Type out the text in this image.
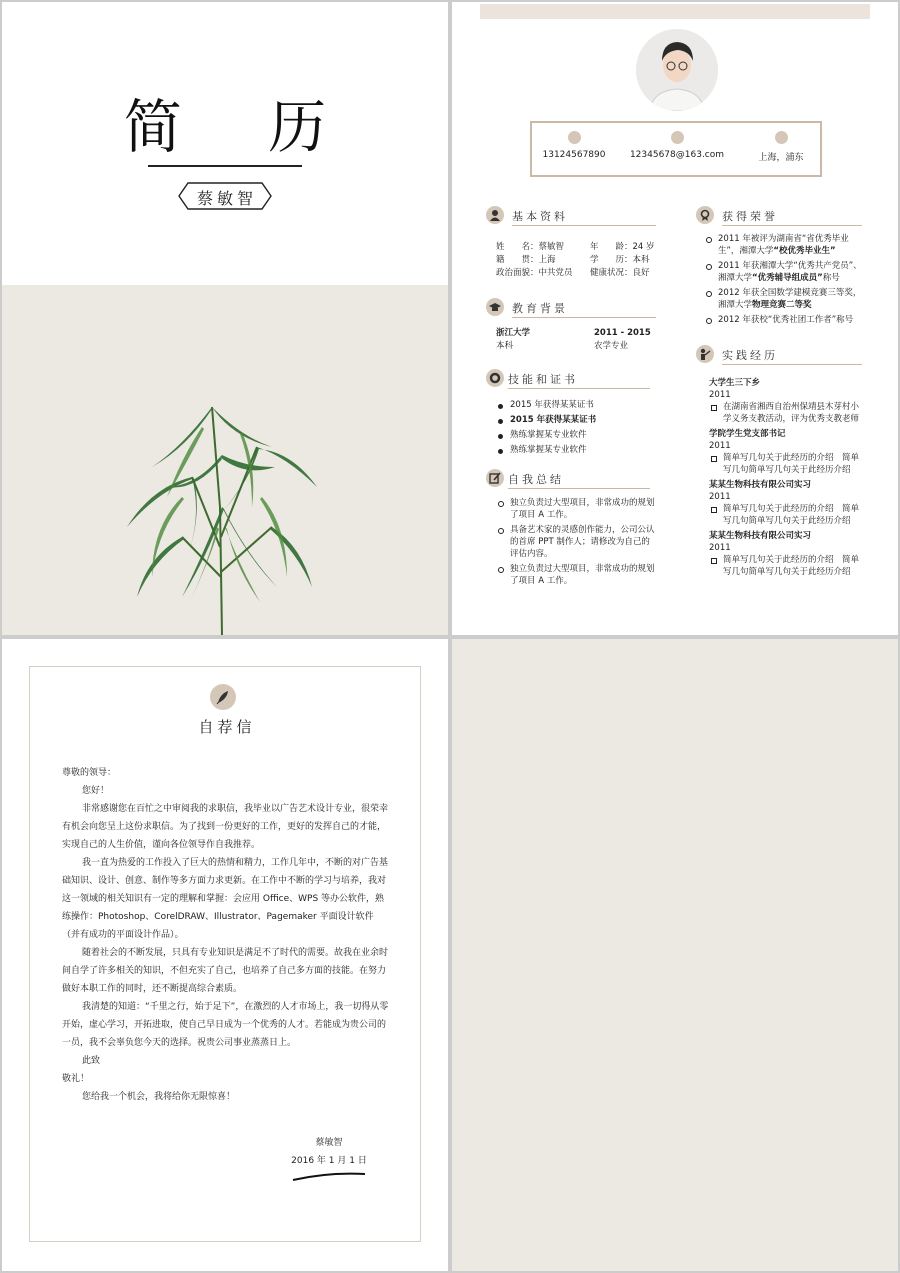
简 历
蔡敏智
13124567890	12345678@163.com	上海，浦东
基本资料
姓　　名：蔡敏智	年　　龄：24 岁
籍　　贯：上海	学　　历：本科
政治面貌：中共党员 健康状况：良好
教育背景
浙江大学	2011 - 2015
本科	农学专业
技能和证书
2015 年获得某某证书
2015 年获得某某证书
熟练掌握某专业软件
熟练掌握某专业软件
自我总结
独立负责过大型项目，非常成功的规划了项目 A 工作。
具备艺术家的灵感创作能力，公司公认的首席 PPT 制作人；请修改为自己的评估内容。
独立负责过大型项目，非常成功的规划了项目 A 工作。
获得荣誉
2011 年被评为湖南省“省优秀毕业生”，湘潭大学“校优秀毕业生”
2011 年获湘潭大学“优秀共产党员”、湘潭大学“优秀辅导组成员”称号
2012 年获全国数学建模竞赛三等奖，湘潭大学物理竞赛二等奖
2012 年获校“优秀社团工作者”称号
实践经历
大学生三下乡
2011
在湖南省湘西自治州保靖县木芽村小学义务支教活动，评为优秀支教老师
学院学生党支部书记
2011
简单写几句关于此经历的介绍　简单写几句简单写几句关于此经历介绍
某某生物科技有限公司实习
2011
简单写几句关于此经历的介绍　简单写几句简单写几句关于此经历介绍
某某生物科技有限公司实习
2011
简单写几句关于此经历的介绍　简单写几句简单写几句关于此经历介绍
自荐信

尊敬的领导：

您好！

非常感谢您在百忙之中审阅我的求职信，我毕业以广告艺术设计专业，很荣幸有机会向您呈上这份求职信。为了找到一份更好的工作，更好的发挥自己的才能，实现自己的人生价值，谨向各位领导作自我推荐。

我一直为热爱的工作投入了巨大的热情和精力，工作几年中，不断的对广告基础知识、设计、创意、制作等多方面力求更新。在工作中不断的学习与培养，我对这一领域的相关知识有一定的理解和掌握：会应用 Office、WPS 等办公软件，熟练操作：Photoshop、CorelDRAW、Illustrator、Pagemaker 平面设计软件（并有成功的平面设计作品）。

随着社会的不断发展，只具有专业知识是满足不了时代的需要。故我在业余时间自学了许多相关的知识，不但充实了自己，也培养了自己多方面的技能。在努力做好本职工作的同时，还不断提高综合素质。

我清楚的知道：“千里之行，始于足下”，在激烈的人才市场上，我一切得从零开始，虚心学习，开拓进取，使自己早日成为一个优秀的人才。若能成为贵公司的一员，我不会辜负您今天的选择。祝贵公司事业蒸蒸日上。

此致

敬礼！

您给我一个机会，我将给你无限惊喜！

蔡敏智
2016 年 1 月 1 日
